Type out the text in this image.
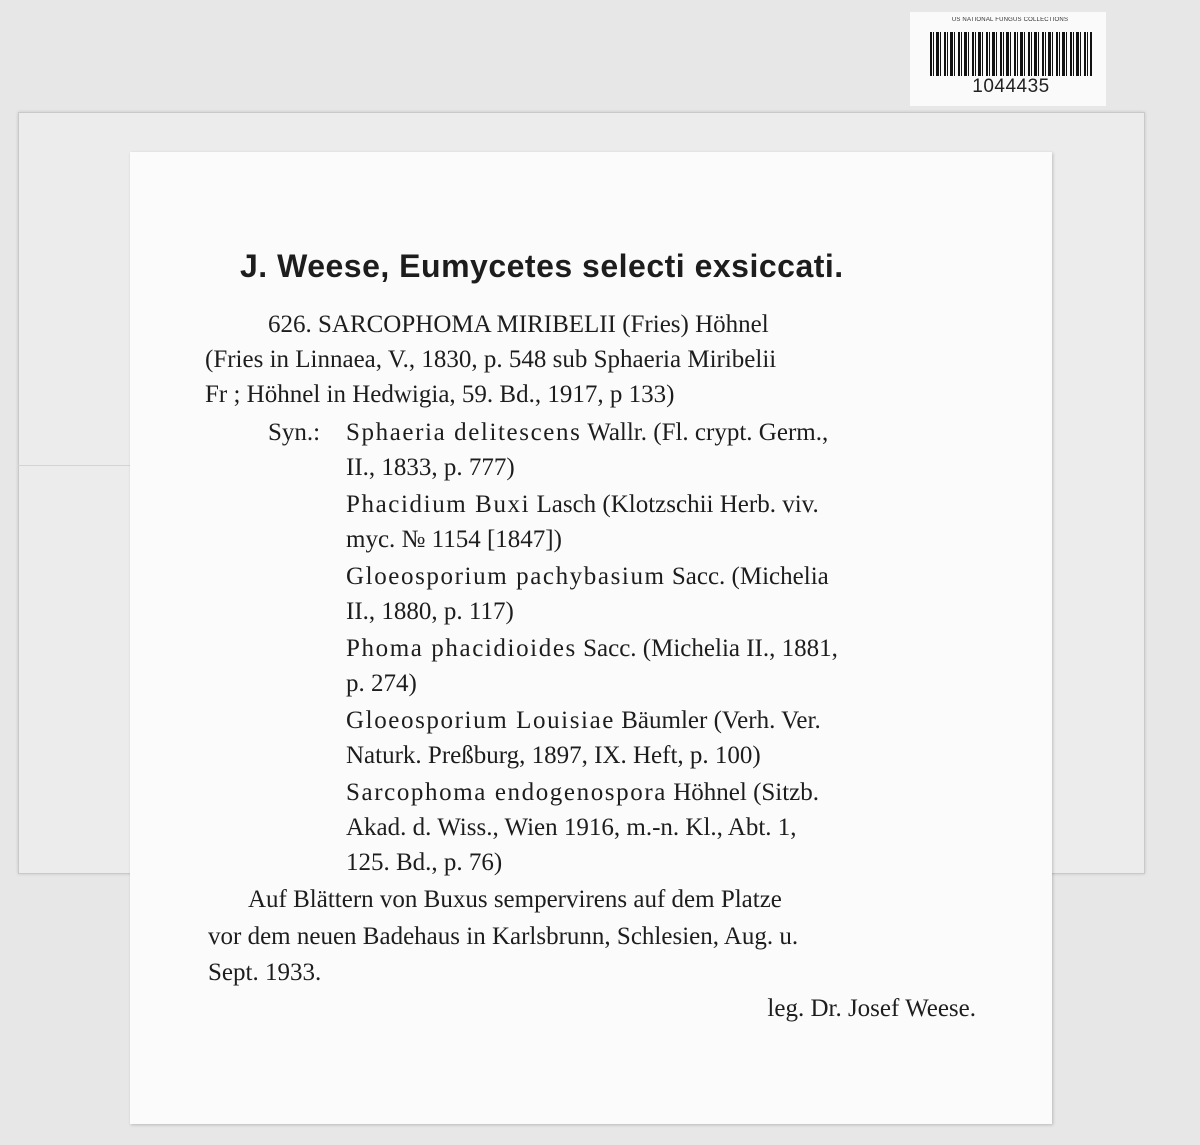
US NATIONAL FUNGUS COLLECTIONS
1044435
J. Weese, Eumycetes selecti exsiccati.
626. SARCOPHOMA MIRIBELII (Fries) Höhnel
(Fries in Linnaea, V., 1830, p. 548 sub Sphaeria Miribelii
Fr ; Höhnel in Hedwigia, 59. Bd., 1917, p 133)
Syn.: Sphaeria delitescens Wallr. (Fl. crypt. Germ.,
II., 1833, p. 777)
Phacidium Buxi Lasch (Klotzschii Herb. viv.
myc. № 1154 [1847])
Gloeosporium pachybasium Sacc. (Michelia
II., 1880, p. 117)
Phoma phacidioides Sacc. (Michelia II., 1881,
p. 274)
Gloeosporium Louisiae Bäumler (Verh. Ver.
Naturk. Preßburg, 1897, IX. Heft, p. 100)
Sarcophoma endogenospora Höhnel (Sitzb.
Akad. d. Wiss., Wien 1916, m.-n. Kl., Abt. 1,
125. Bd., p. 76)
Auf Blättern von Buxus sempervirens auf dem Platze
vor dem neuen Badehaus in Karlsbrunn, Schlesien, Aug. u.
Sept. 1933.
leg. Dr. Josef Weese.
